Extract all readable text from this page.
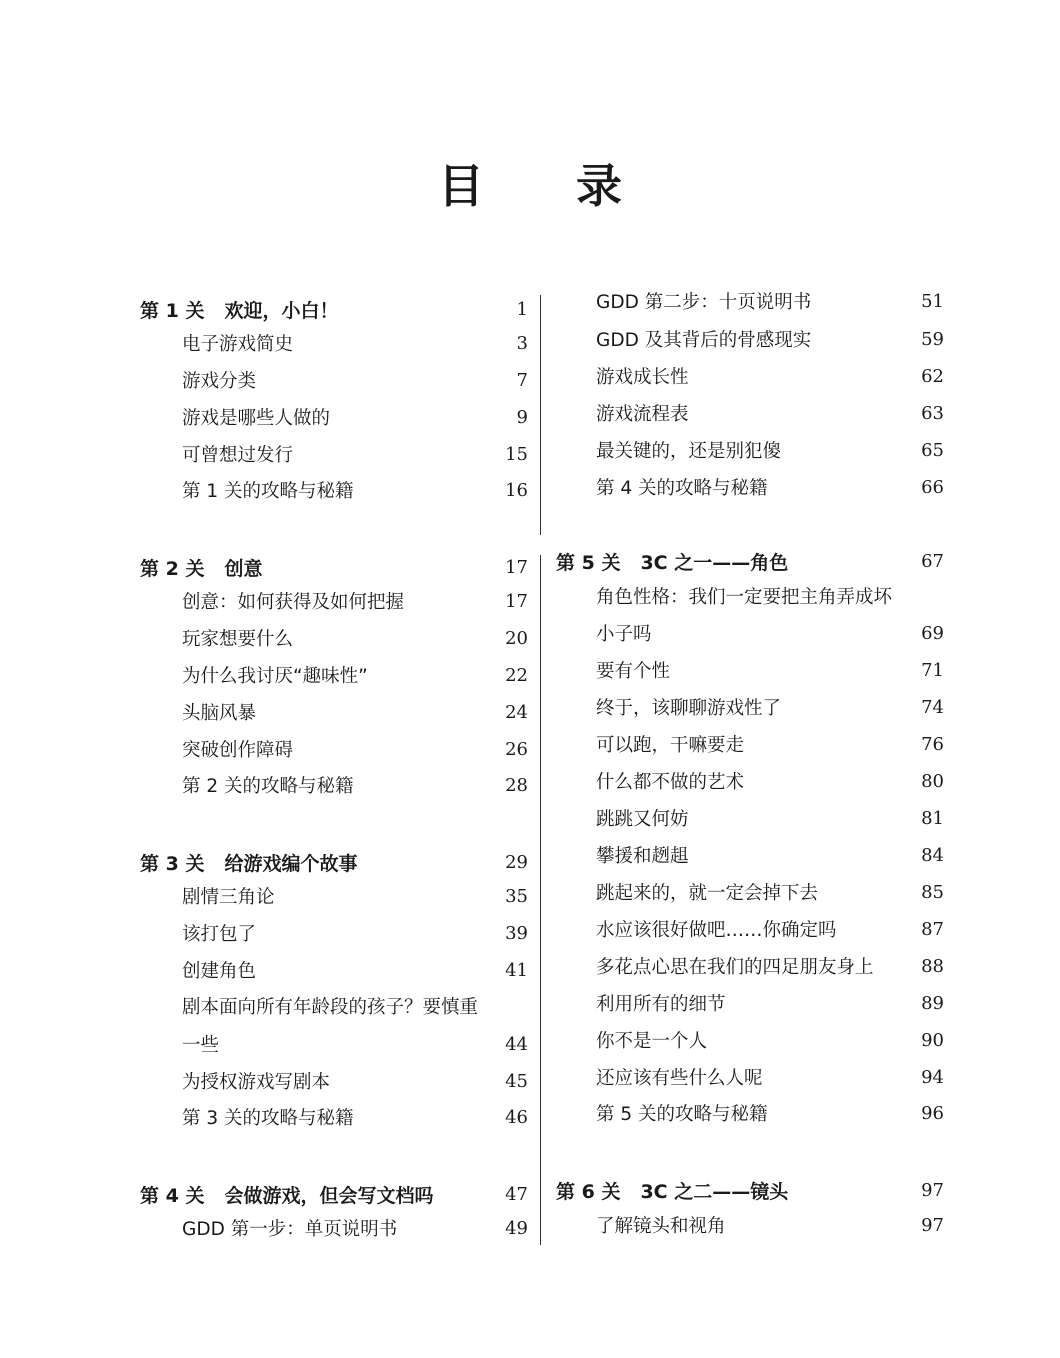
目 录
第 1 关 欢迎，小白！	1
电子游戏简史	3
游戏分类	7
游戏是哪些人做的	9
可曾想过发行	15
第 1 关的攻略与秘籍	16
第 2 关 创意	17
创意：如何获得及如何把握	17
玩家想要什么	20
为什么我讨厌“趣味性”	22
头脑风暴	24
突破创作障碍	26
第 2 关的攻略与秘籍	28
第 3 关 给游戏编个故事	29
剧情三角论	35
该打包了	39
创建角色	41
剧本面向所有年龄段的孩子？要慎重
一些	44
为授权游戏写剧本	45
第 3 关的攻略与秘籍	46
第 4 关 会做游戏，但会写文档吗	47
GDD 第一步：单页说明书	49
GDD 第二步：十页说明书	51
GDD 及其背后的骨感现实	59
游戏成长性	62
游戏流程表	63
最关键的，还是别犯傻	65
第 4 关的攻略与秘籍	66
第 5 关 3C 之一——角色	67
角色性格：我们一定要把主角弄成坏
小子吗	69
要有个性	71
终于，该聊聊游戏性了	74
可以跑，干嘛要走	76
什么都不做的艺术	80
跳跳又何妨	81
攀援和趔趄	84
跳起来的，就一定会掉下去	85
水应该很好做吧……你确定吗	87
多花点心思在我们的四足朋友身上	88
利用所有的细节	89
你不是一个人	90
还应该有些什么人呢	94
第 5 关的攻略与秘籍	96
第 6 关 3C 之二——镜头	97
了解镜头和视角	97
